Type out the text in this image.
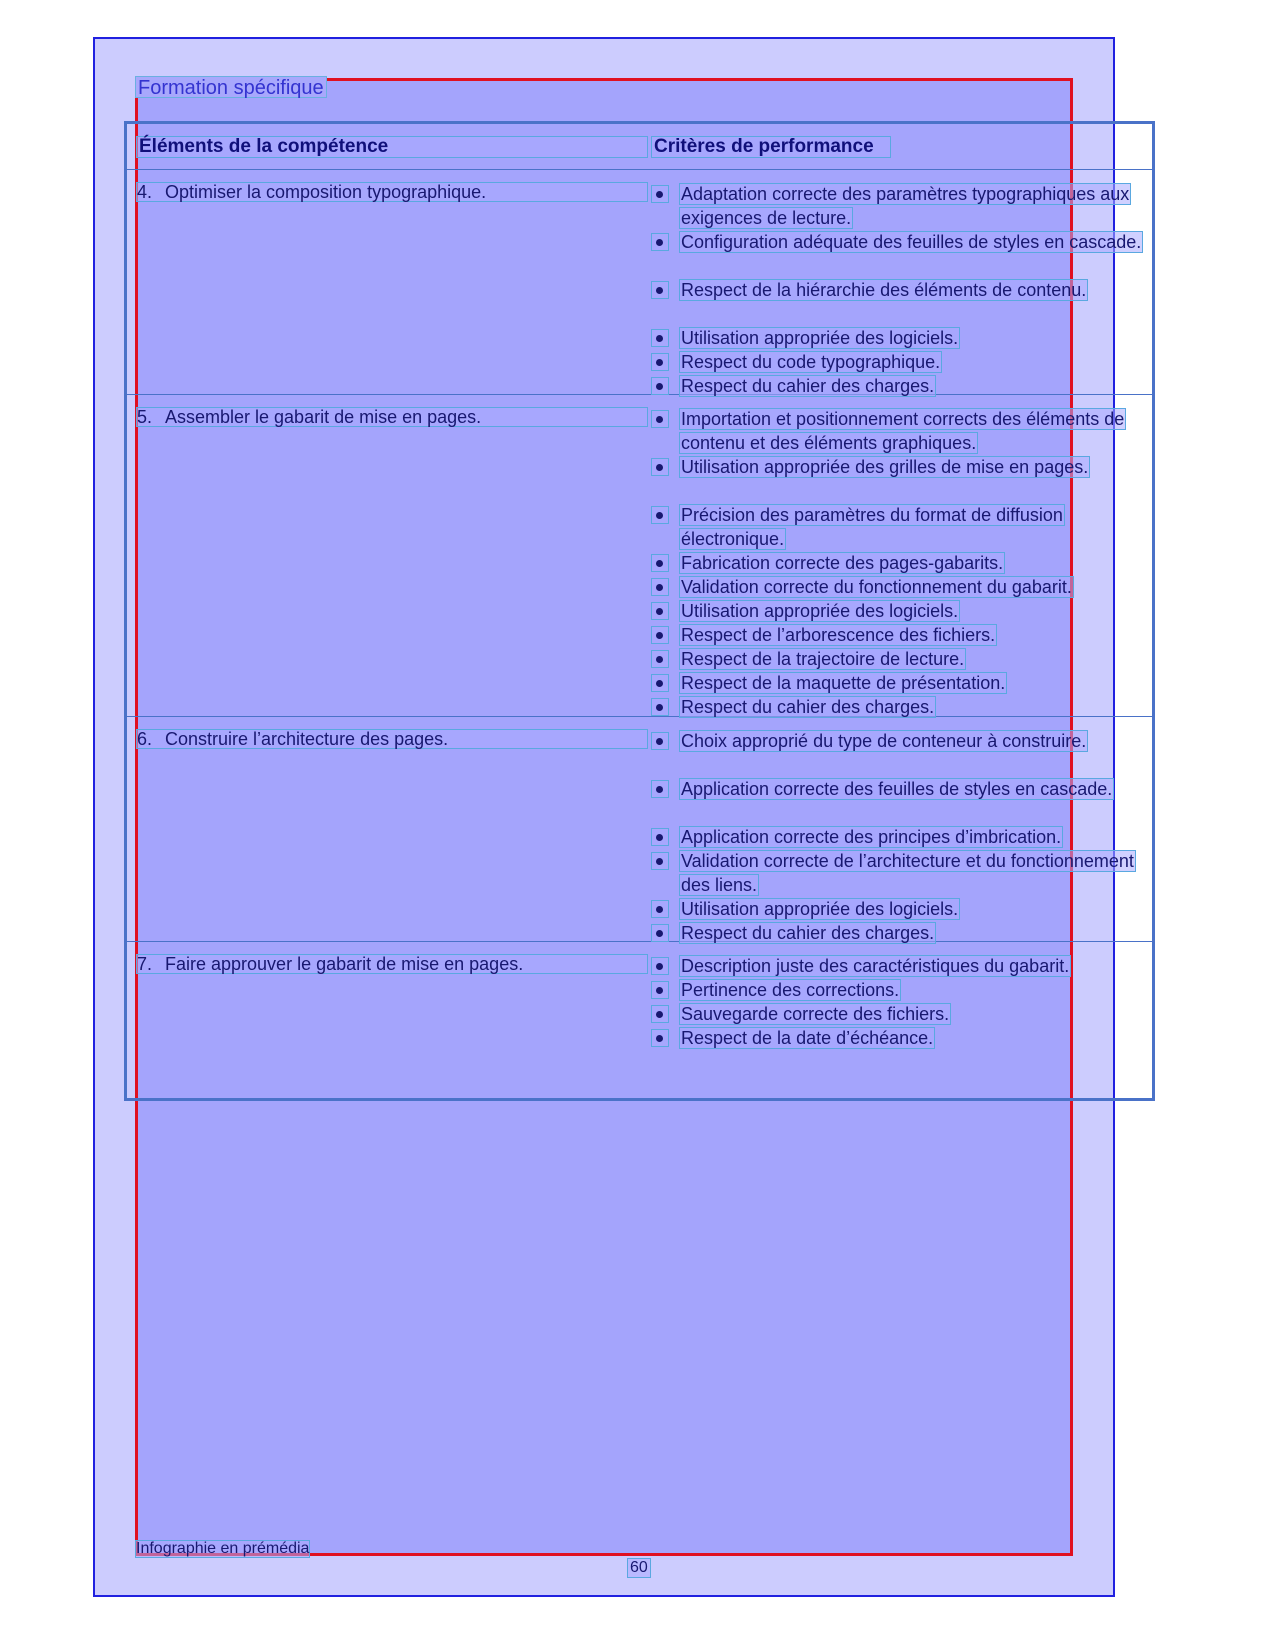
Formation spécifique
Éléments de la compétence	Critères de performance
4. Optimiser la composition typographique.	Adaptation correcte des paramètres typographiques aux exigences de lecture.
Configuration adéquate des feuilles de styles en cascade.
Respect de la hiérarchie des éléments de contenu.
Utilisation appropriée des logiciels.
Respect du code typographique.
Respect du cahier des charges.
5. Assembler le gabarit de mise en pages.	Importation et positionnement corrects des éléments de contenu et des éléments graphiques.
Utilisation appropriée des grilles de mise en pages.
Précision des paramètres du format de diffusion électronique.
Fabrication correcte des pages-gabarits.
Validation correcte du fonctionnement du gabarit.
Utilisation appropriée des logiciels.
Respect de l’arborescence des fichiers.
Respect de la trajectoire de lecture.
Respect de la maquette de présentation.
Respect du cahier des charges.
6. Construire l’architecture des pages.	Choix approprié du type de conteneur à construire.
Application correcte des feuilles de styles en cascade.
Application correcte des principes d’imbrication.
Validation correcte de l’architecture et du fonctionnement des liens.
Utilisation appropriée des logiciels.
Respect du cahier des charges.
7. Faire approuver le gabarit de mise en pages.	Description juste des caractéristiques du gabarit.
Pertinence des corrections.
Sauvegarde correcte des fichiers.
Respect de la date d’échéance.
Infographie en prémédia
60
